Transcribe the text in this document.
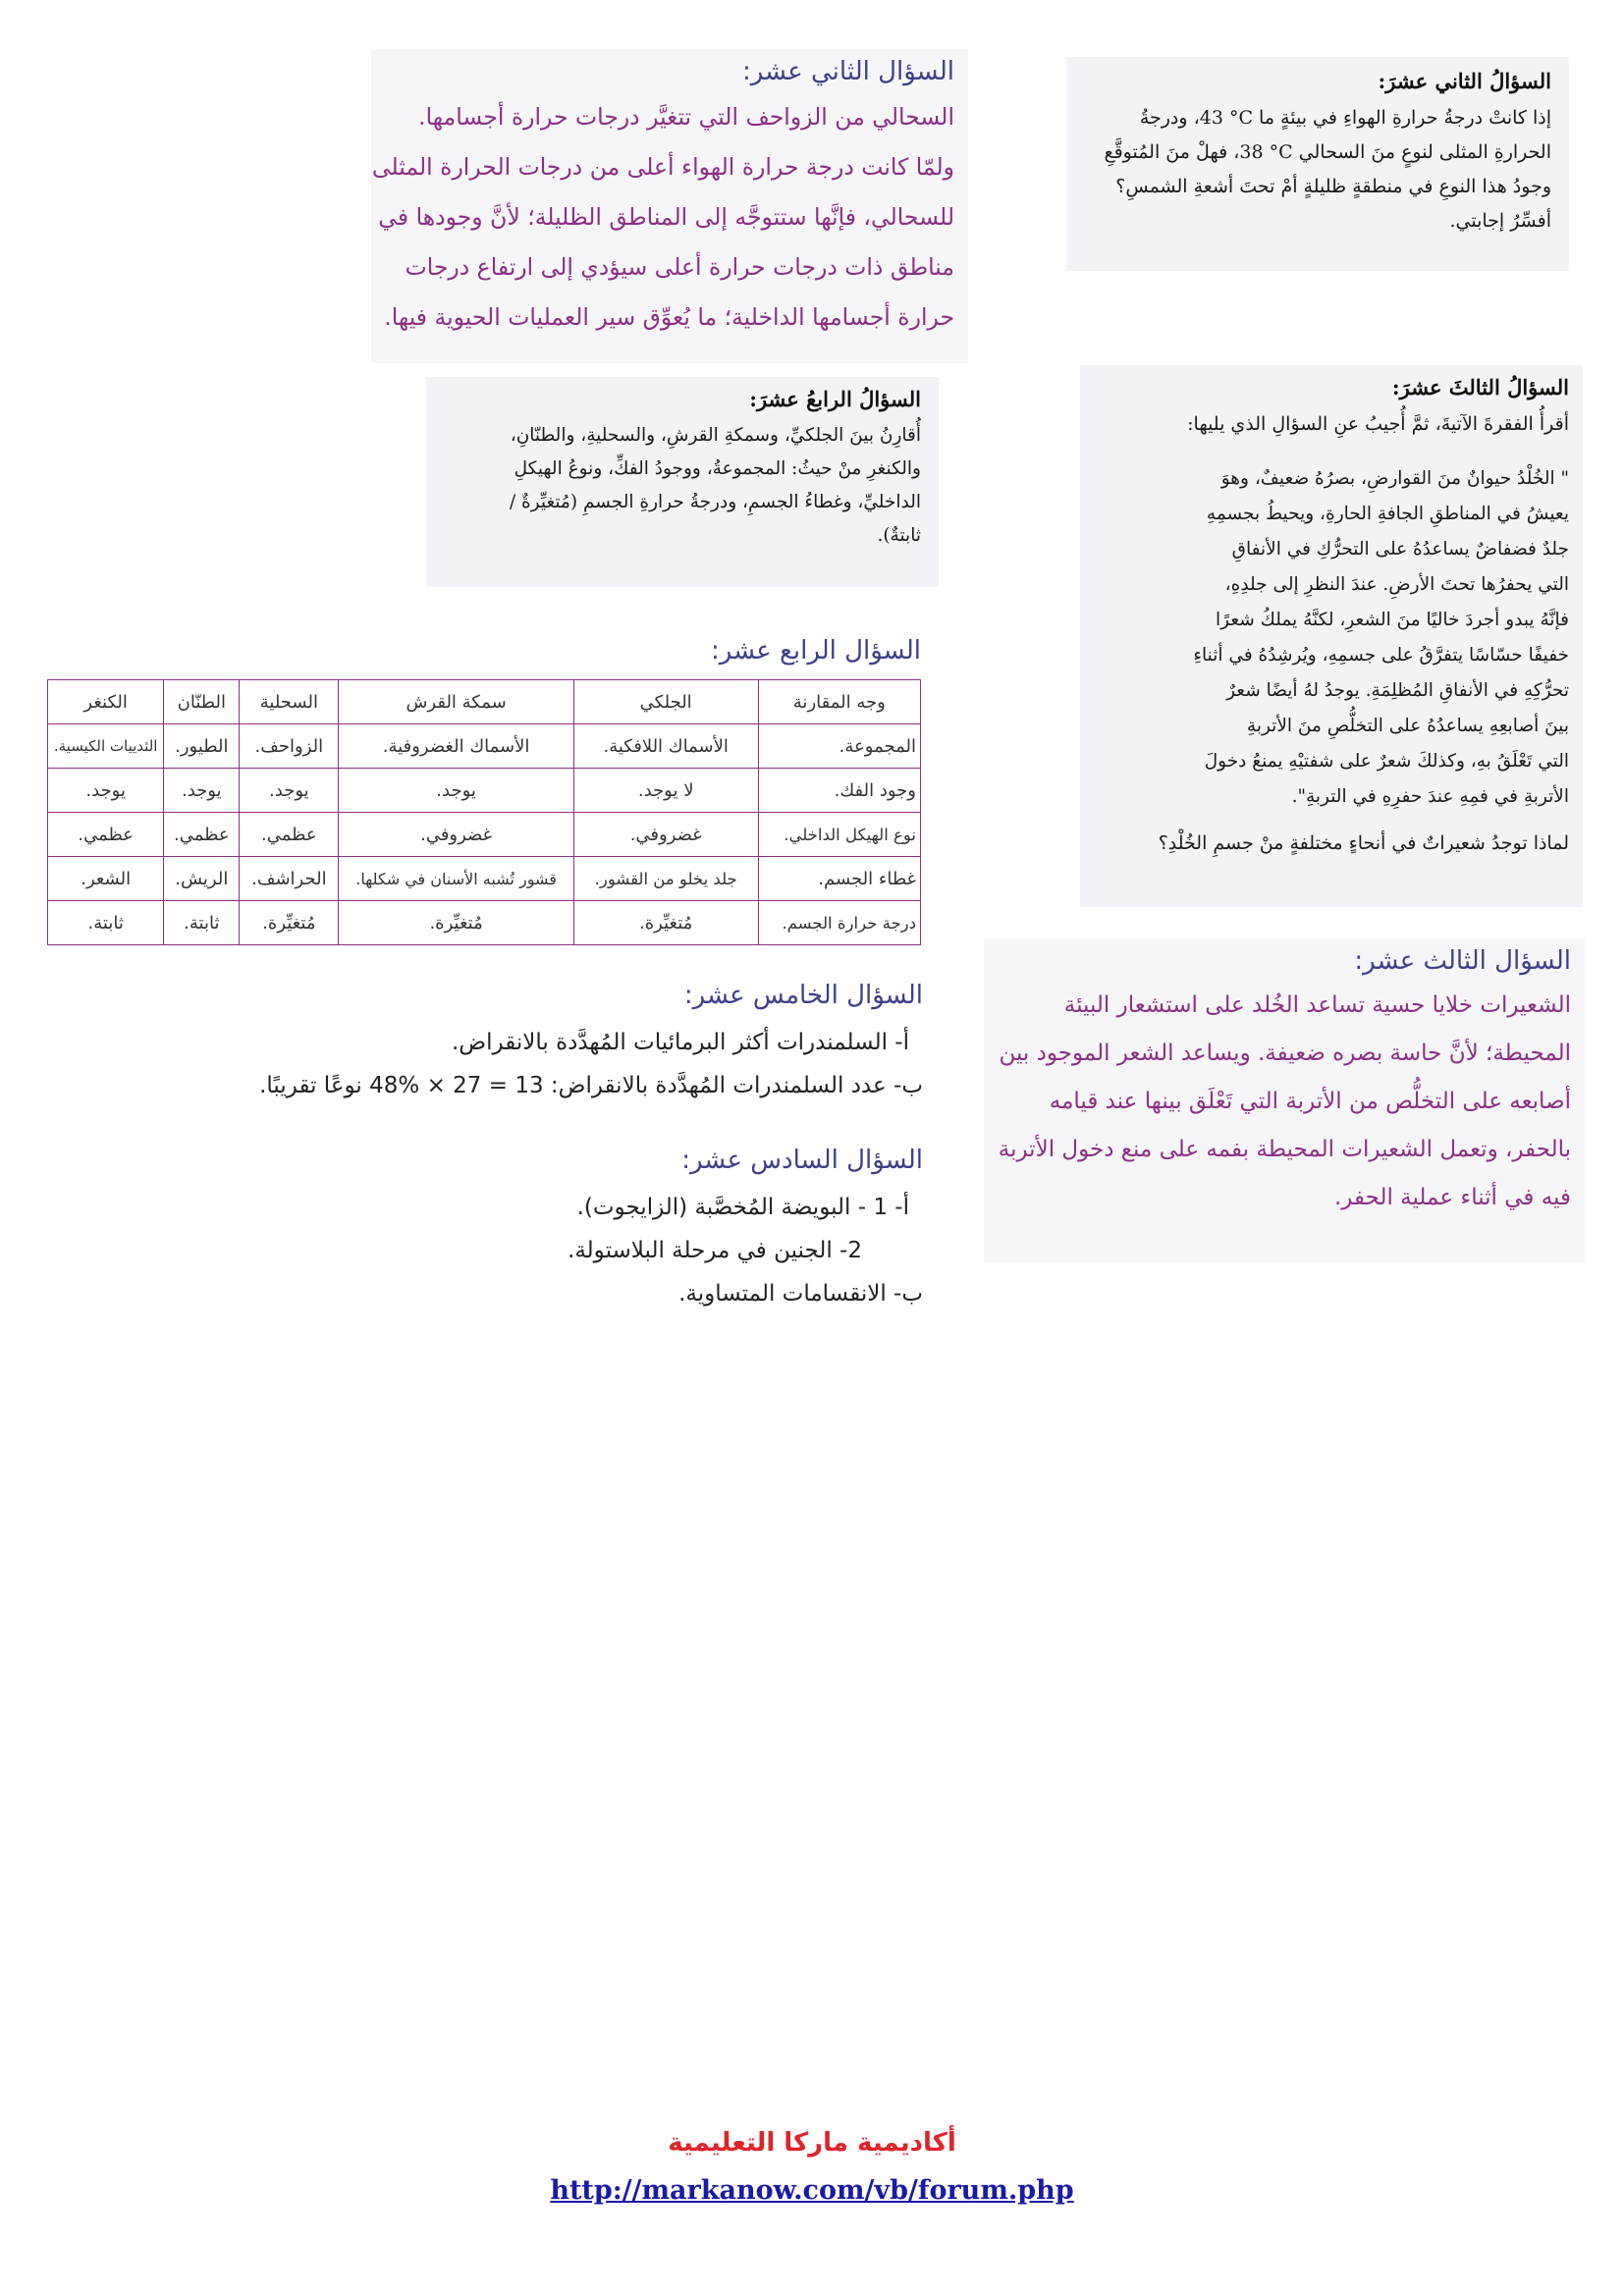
السؤالُ الثاني عشرَ:

إذا كانتْ درجةُ حرارةِ الهواءِ في بيئةٍ ما ‎43 °C‏، ودرجةُ

الحرارةِ المثلى لنوعٍ منَ السحالي ‎38 °C‏، فهلْ منَ المُتوقَّعِ

وجودُ هذا النوعِ في منطقةٍ ظليلةٍ أمْ تحتَ أشعةِ الشمسِ؟

أفسِّرُ إجابتي.

السؤال الثاني عشر:
السحالي من الزواحف التي تتغيَّر درجات حرارة أجسامها.
ولمّا كانت درجة حرارة الهواء أعلى من درجات الحرارة المثلى
للسحالي، فإنَّها ستتوجَّه إلى المناطق الظليلة؛ لأنَّ وجودها في
مناطق ذات درجات حرارة أعلى سيؤدي إلى ارتفاع درجات
حرارة أجسامها الداخلية؛ ما يُعوِّق سير العمليات الحيوية فيها.
السؤالُ الرابعُ عشرَ:

أُقارِنُ بينَ الجلكيِّ، وسمكةِ القرشِ، والسحليةِ، والطنّانِ،

والكنغرِ منْ حيثُ: المجموعةُ، ووجودُ الفكِّ، ونوعُ الهيكلِ

الداخليِّ، وغطاءُ الجسمِ، ودرجةُ حرارةِ الجسمِ (مُتغيِّرةٌ /

ثابتةٌ).

السؤالُ الثالثَ عشرَ:
أقرأُ الفقرةَ الآتيةَ، ثمَّ أُجيبُ عنِ السؤالِ الذي يليها:

" الخُلْدُ حيوانٌ منَ القوارضِ، بصرُهُ ضعيفٌ، وهوَ

يعيشُ في المناطقِ الجافةِ الحارةِ، ويحيطُ بجسمِهِ

جلدٌ فضفاضٌ يساعدُهُ على التحرُّكِ في الأنفاقِ

التي يحفرُها تحتَ الأرضِ. عندَ النظرِ إلى جلدِهِ،

فإنَّهُ يبدو أجردَ خاليًا منَ الشعرِ، لكنَّهُ يملكُ شعرًا

خفيفًا حسّاسًا يتفرَّقُ على جسمِهِ، ويُرشِدُهُ في أثناءِ

تحرُّكِهِ في الأنفاقِ المُظلِمَةِ. يوجدُ لهُ أيضًا شعرٌ

بينَ أصابعِهِ يساعدُهُ على التخلُّصِ منَ الأتربةِ

التي تَعْلَقُ بهِ، وكذلكَ شعرٌ على شفتيْهِ يمنعُ دخولَ

الأتربةِ في فمِهِ عندَ حفرِهِ في التربةِ".

لماذا توجدُ شعيراتٌ في أنحاءٍ مختلفةٍ منْ جسمِ الخُلْدِ؟
السؤال الرابع عشر:
وجه المقارنة	الجلكي	سمكة القرش	السحلية	الطنّان	الكنغر
المجموعة.	الأسماك اللافكية.	الأسماك الغضروفية.	الزواحف.	الطيور.	الثدييات الكيسية.
وجود الفك.	لا يوجد.	يوجد.	يوجد.	يوجد.	يوجد.
نوع الهيكل الداخلي.	غضروفي.	غضروفي.	عظمي.	عظمي.	عظمي.
غطاء الجسم.	جلد يخلو من القشور.	قشور تُشبه الأسنان في شكلها.	الحراشف.	الريش.	الشعر.
درجة حرارة الجسم.	مُتغيِّرة.	مُتغيِّرة.	مُتغيِّرة.	ثابتة.	ثابتة.
السؤال الخامس عشر:
أ- السلمندرات أكثر البرمائيات المُهدَّدة بالانقراض.
ب- عدد السلمندرات المُهدَّدة بالانقراض: ‎48% × 27 = 13‏ نوعًا تقريبًا.
السؤال السادس عشر:
أ- 1 - البويضة المُخصَّبة (الزايجوت).
2- الجنين في مرحلة البلاستولة.
ب- الانقسامات المتساوية.
السؤال الثالث عشر:
الشعيرات خلايا حسية تساعد الخُلد على استشعار البيئة
المحيطة؛ لأنَّ حاسة بصره ضعيفة. ويساعد الشعر الموجود بين
أصابعه على التخلُّص من الأتربة التي تَعْلَق بينها عند قيامه
بالحفر، وتعمل الشعيرات المحيطة بفمه على منع دخول الأتربة
فيه في أثناء عملية الحفر.
أكاديمية ماركا التعليمية
http://markanow.com/vb/forum.php
